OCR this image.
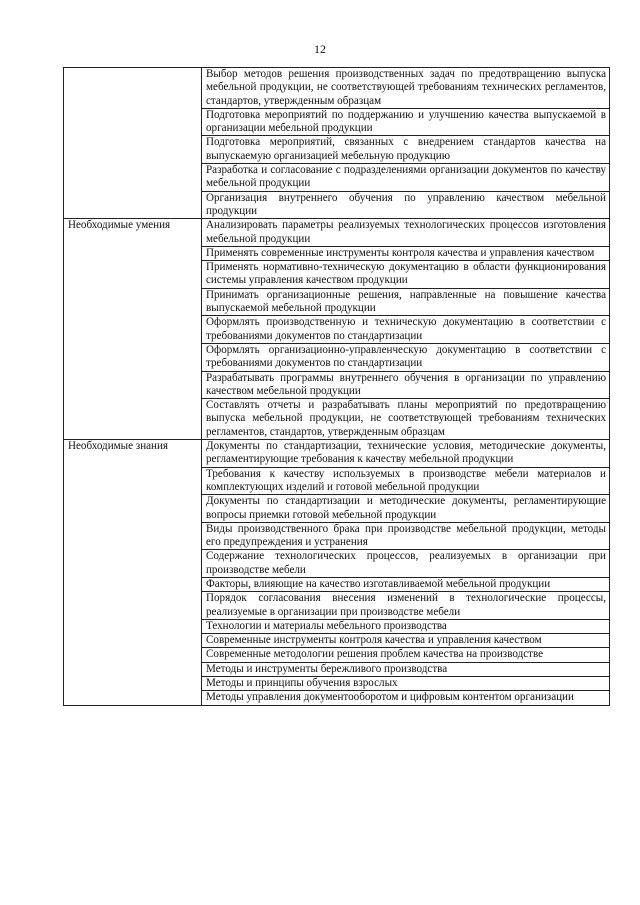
12

	Выбор методов решения производственных задач по предотвращению выпуска мебельной продукции, не соответствующей требованиям технических регламентов, стандартов, утвержденным образцам

	Подготовка мероприятий по поддержанию и улучшению качества выпускаемой в организации мебельной продукции

	Подготовка мероприятий, связанных с внедрением стандартов качества на выпускаемую организацией мебельную продукцию

	Разработка и согласование с подразделениями организации документов по качеству мебельной продукции

	Организация внутреннего обучения по управлению качеством мебельной продукции

Необходимые умения	Анализировать параметры реализуемых технологических процессов изготовления мебельной продукции

	Применять современные инструменты контроля качества и управления качеством

	Применять нормативно-техническую документацию в области функционирования системы управления качеством продукции

	Принимать организационные решения, направленные на повышение качества выпускаемой мебельной продукции

	Оформлять производственную и техническую документацию в соответствии с требованиями документов по стандартизации

	Оформлять организационно-управленческую документацию в соответствии с требованиями документов по стандартизации

	Разрабатывать программы внутреннего обучения в организации по управлению качеством мебельной продукции

	Составлять отчеты и разрабатывать планы мероприятий по предотвращению выпуска мебельной продукции, не соответствующей требованиям технических регламентов, стандартов, утвержденным образцам

Необходимые знания	Документы по стандартизации, технические условия, методические документы, регламентирующие требования к качеству мебельной продукции

	Требования к качеству используемых в производстве мебели материалов и комплектующих изделий и готовой мебельной продукции

	Документы по стандартизации и методические документы, регламентирующие вопросы приемки готовой мебельной продукции

	Виды производственного брака при производстве мебельной продукции, методы его предупреждения и устранения

	Содержание технологических процессов, реализуемых в организации при производстве мебели

	Факторы, влияющие на качество изготавливаемой мебельной продукции

	Порядок согласования внесения изменений в технологические процессы, реализуемые в организации при производстве мебели

	Технологии и материалы мебельного производства

	Современные инструменты контроля качества и управления качеством

	Современные методологии решения проблем качества на производстве

	Методы и инструменты бережливого производства

	Методы и принципы обучения взрослых

	Методы управления документооборотом и цифровым контентом организации
